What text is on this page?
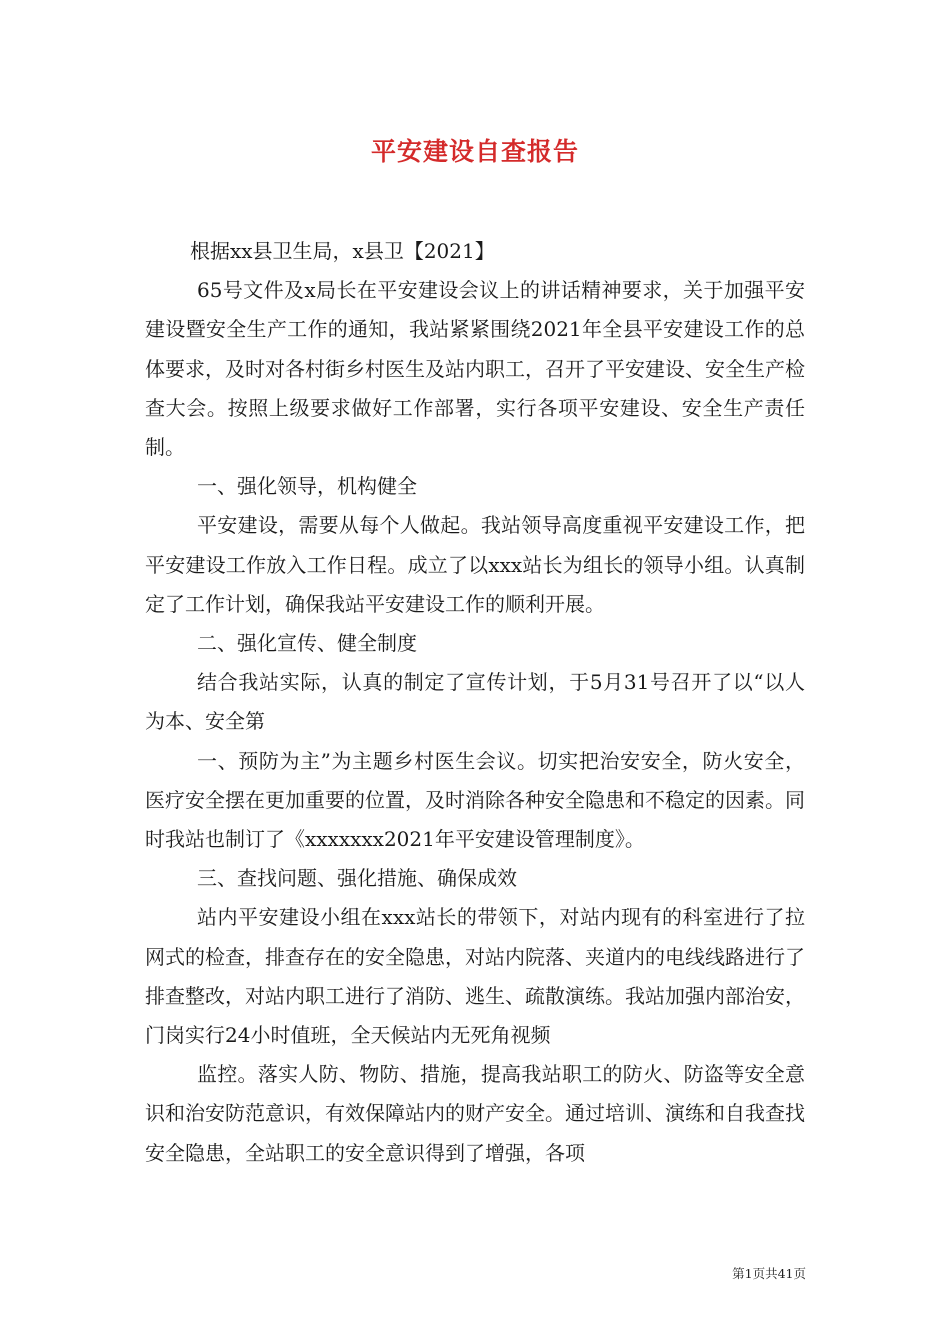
平安建设自查报告

根据xx县卫生局，x县卫【2021】

65号文件及x局长在平安建设会议上的讲话精神要求，关于加强平安建设暨安全生产工作的通知，我站紧紧围绕2021年全县平安建设工作的总体要求，及时对各村街乡村医生及站内职工，召开了平安建设、安全生产检查大会。按照上级要求做好工作部署，实行各项平安建设、安全生产责任制。

一、强化领导，机构健全

平安建设，需要从每个人做起。我站领导高度重视平安建设工作，把平安建设工作放入工作日程。成立了以xxx站长为组长的领导小组。认真制定了工作计划，确保我站平安建设工作的顺利开展。

二、强化宣传、健全制度

结合我站实际，认真的制定了宣传计划，于5月31号召开了以“以人为本、安全第

一、预防为主”为主题乡村医生会议。切实把治安安全，防火安全，医疗安全摆在更加重要的位置，及时消除各种安全隐患和不稳定的因素。同时我站也制订了《xxxxxxx2021年平安建设管理制度》。

三、查找问题、强化措施、确保成效

站内平安建设小组在xxx站长的带领下，对站内现有的科室进行了拉网式的检查，排查存在的安全隐患，对站内院落、夹道内的电线线路进行了排查整改，对站内职工进行了消防、逃生、疏散演练。我站加强内部治安，门岗实行24小时值班，全天候站内无死角视频

监控。落实人防、物防、措施，提高我站职工的防火、防盗等安全意识和治安防范意识，有效保障站内的财产安全。通过培训、演练和自我查找安全隐患，全站职工的安全意识得到了增强，各项

第1页共41页
